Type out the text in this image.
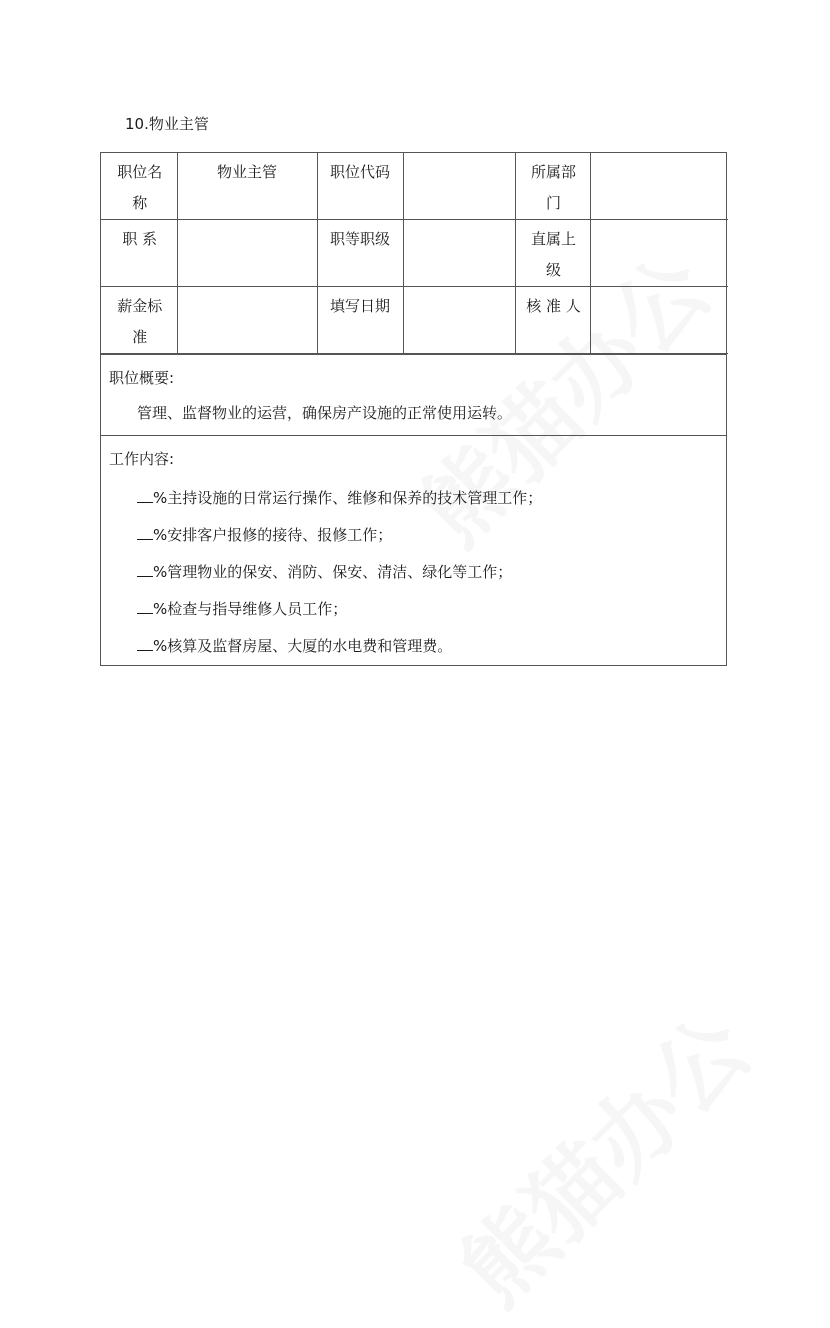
10.物业主管
职位名称	物业主管	职位代码		所属部门	
职 系		职等职级		直属上级	
薪金标准		填写日期		核 准 人	
职位概要:
管理、监督物业的运营，确保房产设施的正常使用运转。
工作内容:
%主持设施的日常运行操作、维修和保养的技术管理工作；
%安排客户报修的接待、报修工作；
%管理物业的保安、消防、保安、清洁、绿化等工作；
%检查与指导维修人员工作；
%核算及监督房屋、大厦的水电费和管理费。
